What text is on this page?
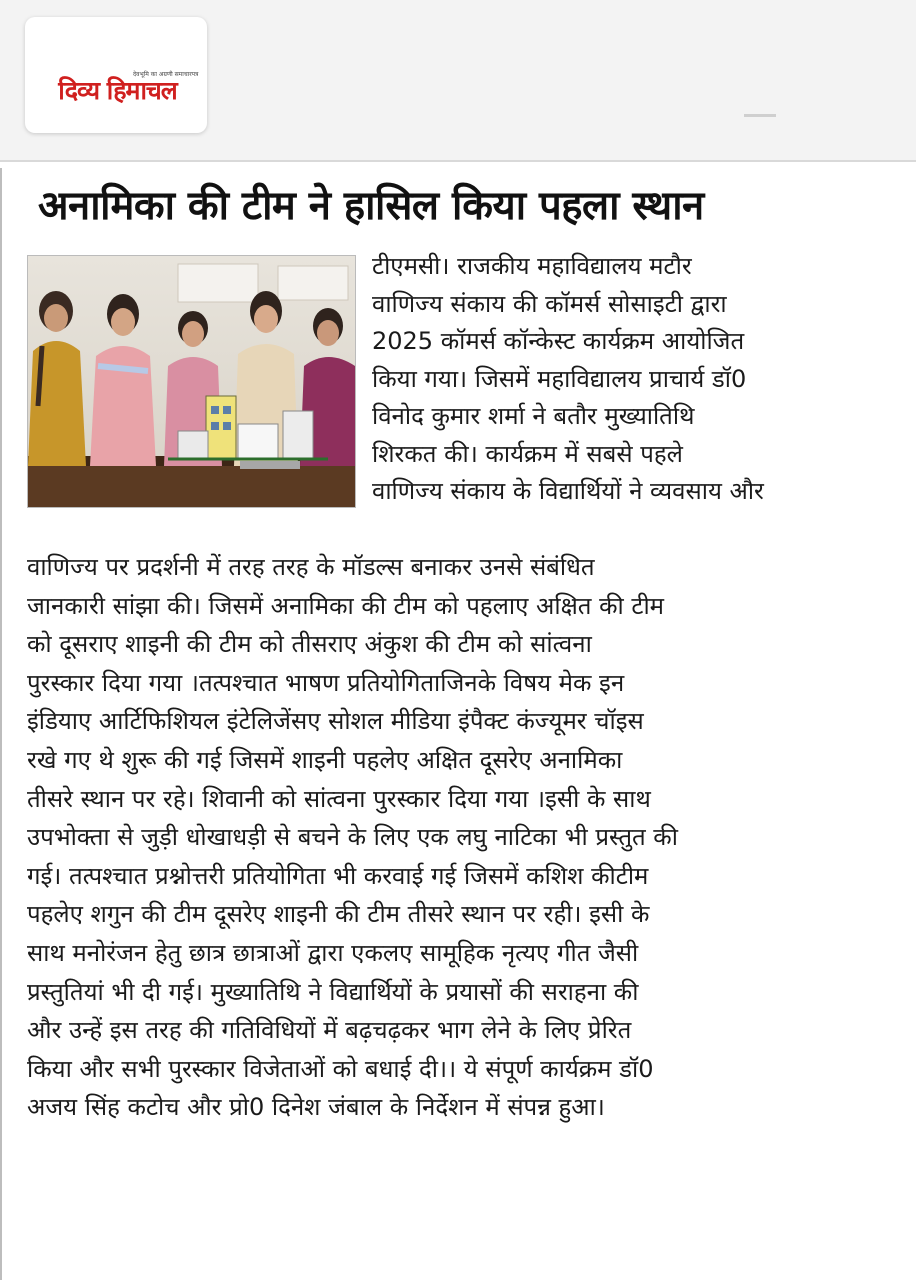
देवभूमि का अग्रणी समाचारपत्र
दिव्य हिमाचल
अनामिका की टीम ने हासिल किया पहला स्थान
टीएमसी। राजकीय महाविद्यालय मटौर
वाणिज्य संकाय की कॉमर्स सोसाइटी द्वारा
2025 कॉमर्स कॉन्केस्ट कार्यक्रम आयोजित
किया गया। जिसमें महाविद्यालय प्राचार्य डॉ0
विनोद कुमार शर्मा ने बतौर मुख्यातिथि
शिरकत की। कार्यक्रम में सबसे पहले
वाणिज्य संकाय के विद्यार्थियों ने व्यवसाय और
वाणिज्य पर प्रदर्शनी में तरह तरह के मॉडल्स बनाकर उनसे संबंधित
जानकारी सांझा की। जिसमें अनामिका की टीम को पहलाए अक्षित की टीम
को दूसराए शाइनी की टीम को तीसराए अंकुश की टीम को सांत्वना
पुरस्कार दिया गया ।तत्पश्चात भाषण प्रतियोगिताजिनके विषय मेक इन
इंडियाए आर्टिफिशियल इंटेलिजेंसए सोशल मीडिया इंपैक्ट कंज्यूमर चॉइस
रखे गए थे शुरू की गई जिसमें शाइनी पहलेए अक्षित दूसरेए अनामिका
तीसरे स्थान पर रहे। शिवानी को सांत्वना पुरस्कार दिया गया ।इसी के साथ
उपभोक्ता से जुड़ी धोखाधड़ी से बचने के लिए एक लघु नाटिका भी प्रस्तुत की
गई। तत्पश्चात प्रश्नोत्तरी प्रतियोगिता भी करवाई गई जिसमें कशिश कीटीम
पहलेए शगुन की टीम दूसरेए शाइनी की टीम तीसरे स्थान पर रही। इसी के
साथ मनोरंजन हेतु छात्र छात्राओं द्वारा एकलए सामूहिक नृत्यए गीत जैसी
प्रस्तुतियां भी दी गई। मुख्यातिथि ने विद्यार्थियों के प्रयासों की सराहना की
और उन्हें इस तरह की गतिविधियों में बढ़चढ़कर भाग लेने के लिए प्रेरित
किया और सभी पुरस्कार विजेताओं को बधाई दी।। ये संपूर्ण कार्यक्रम डॉ0
अजय सिंह कटोच और प्रो0 दिनेश जंबाल के निर्देशन में संपन्न हुआ।
